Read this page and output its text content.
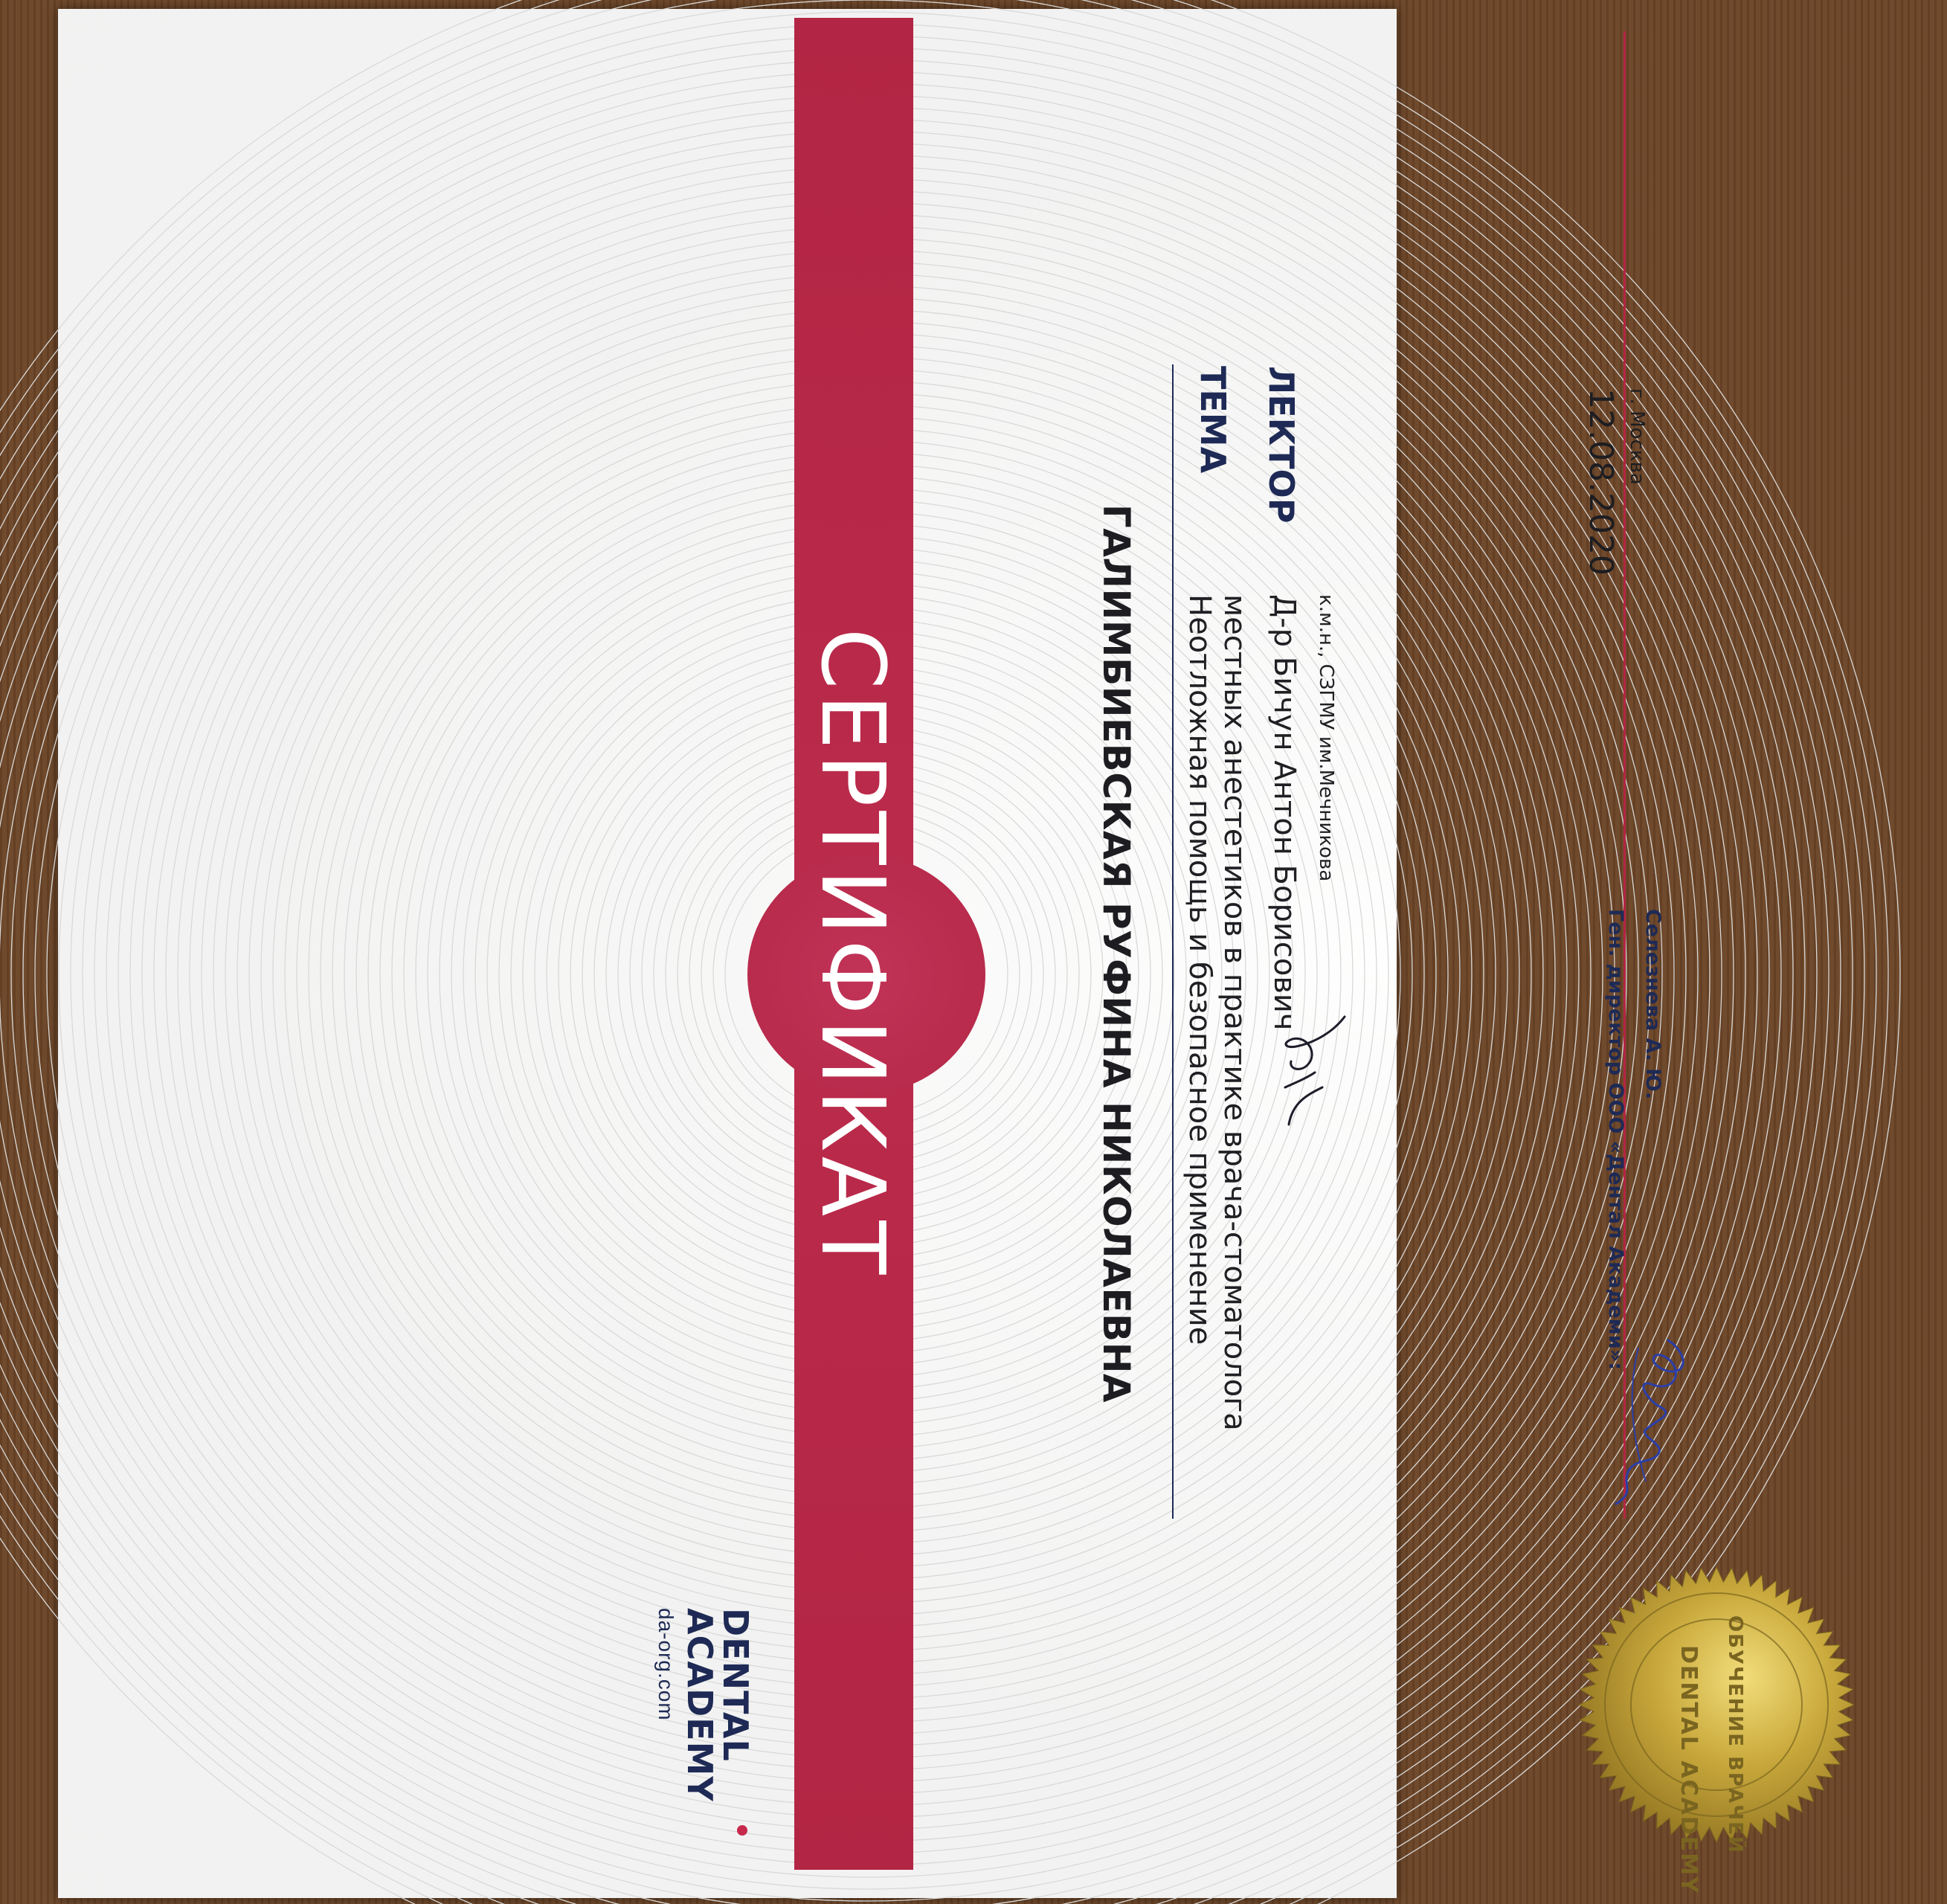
СЕРТИФИКАТ
DENTAL
ACADEMY
da-org.com
ГАЛИМБИЕВСКАЯ РУФИНА НИКОЛАЕВНА
ТЕМА
Неотложная помощь и безопасное применение местных анестетиков в практике врача-стоматолога
ЛЕКТОР
Д-р Бичун Антон Борисович к.м.н., СЗГМУ им.Мечникова
12.08.2020 г. Москва
Ген. директор ООО «Дентал Академи»: Селезнева А. Ю.
ОБУЧЕНИЕ ВРАЧЕЙ
DENTAL ACADEMY
